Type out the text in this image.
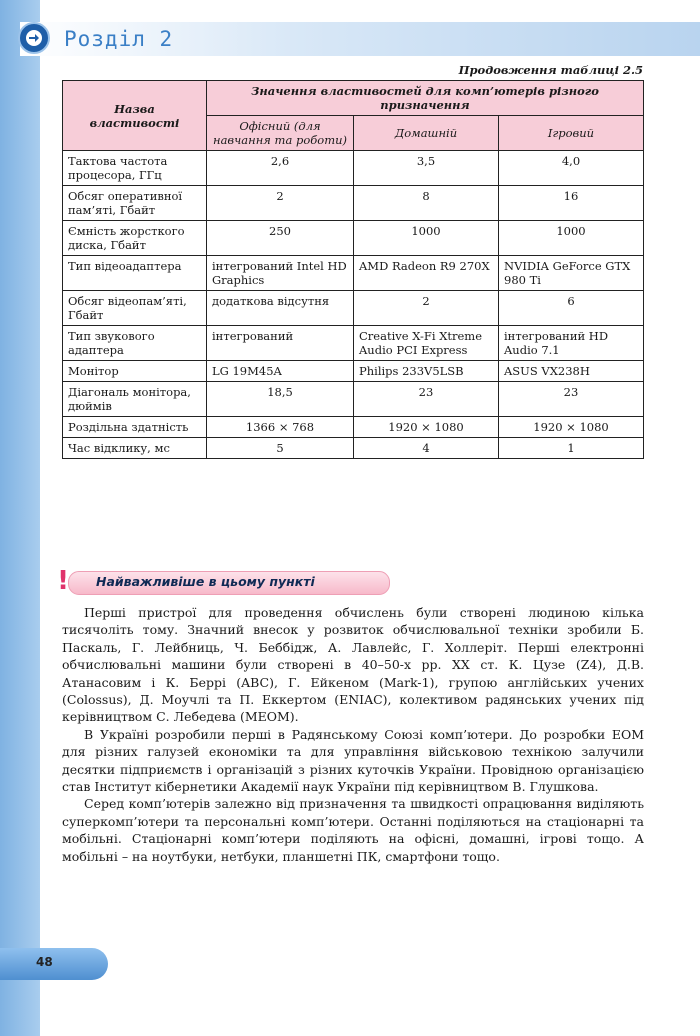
Розділ 2
Продовження таблиці 2.5
Назва властивості	Значення властивостей для комп’ютерів різного призначення		
	Офісний (для навчання та роботи)	Домашній	Ігровий
Тактова частота процесора, ГГц	2,6	3,5	4,0
Обсяг оперативної пам’яті, Гбайт	2	8	16
Ємність жорсткого диска, Гбайт	250	1000	1000
Тип відеоадаптера	інтегрований Intel HD Graphics	AMD Radeon R9 270X	NVIDIA GeForce GTX 980 Ti
Обсяг відеопам’яті, Гбайт	додаткова відсутня	2	6
Тип звукового адаптера	інтегрований	Creative X-Fi Xtreme Audio PCI Express	інтегрований HD Audio 7.1
Монітор	LG 19M45A	Philips 233V5LSB	ASUS VX238H
Діагональ монітора, дюймів	18,5	23	23
Роздільна здатність	1366 × 768	1920 × 1080	1920 × 1080
Час відклику, мс	5	4	1
!	Найважливіше в цьому пункті

Перші пристрої для проведення обчислень були створені людиною кілька тисячоліть тому. Значний внесок у розвиток обчислювальної техніки зробили Б. Паскаль, Г. Лейбниць, Ч. Беббідж, А. Лавлейс, Г. Холлеріт. Перші електронні обчислювальні машини були створені в 40–50-х рр. XX ст. К. Цузе (Z4), Д.В. Атанасовим і К. Беррі (ABC), Г. Ейкеном (Mark-1), групою англійських учених (Colossus), Д. Моучлі та П. Еккертом (ENIAC), колективом радянських учених під керівництвом С. Лебедева (МЕОМ).

В Україні розробили перші в Радянському Союзі комп’ютери. До розробки ЕОМ для різних галузей економіки та для управління військовою технікою залучили десятки підприємств і організацій з різних куточків України. Провідною організацією став Інститут кібернетики Академії наук України під керівництвом В. Глушкова.

Серед комп’ютерів залежно від призначення та швидкості опрацювання виділяють суперкомп’ютери та персональні комп’ютери. Останні поділяються на стаціонарні та мобільні. Стаціонарні комп’ютери поділяють на офісні, домашні, ігрові тощо. А мобільні – на ноутбуки, нетбуки, планшетні ПК, смартфони тощо.

48
